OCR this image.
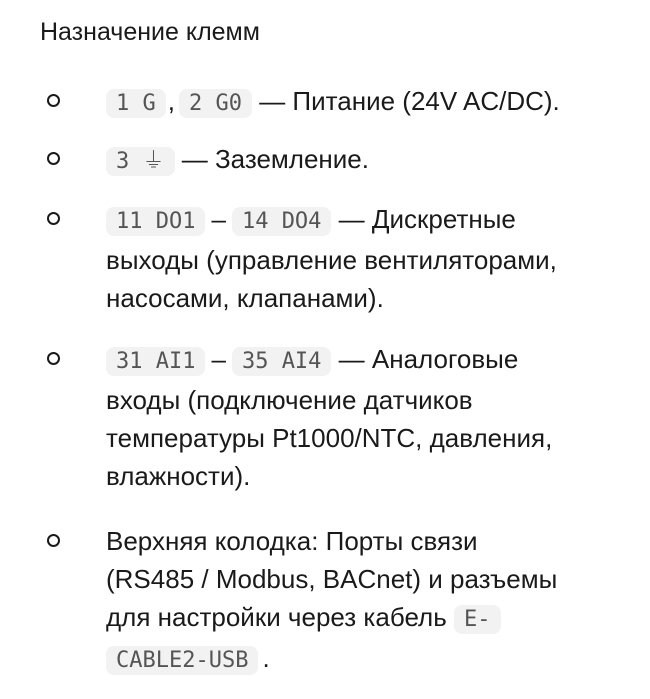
Назначение клемм
1 G , 2 G0 — Питание (24V AC/DC).
3 ⏚ — Заземление.
11 DO1 – 14 DO4 — Дискретные
выходы (управление вентиляторами,
насосами, клапанами).
31 AI1 – 35 AI4 — Аналоговые
входы (подключение датчиков
температуры Pt1000/NTC, давления,
влажности).
Верхняя колодка: Порты связи
(RS485 / Modbus, BACnet) и разъемы
для настройки через кабель E-
CABLE2-USB .
